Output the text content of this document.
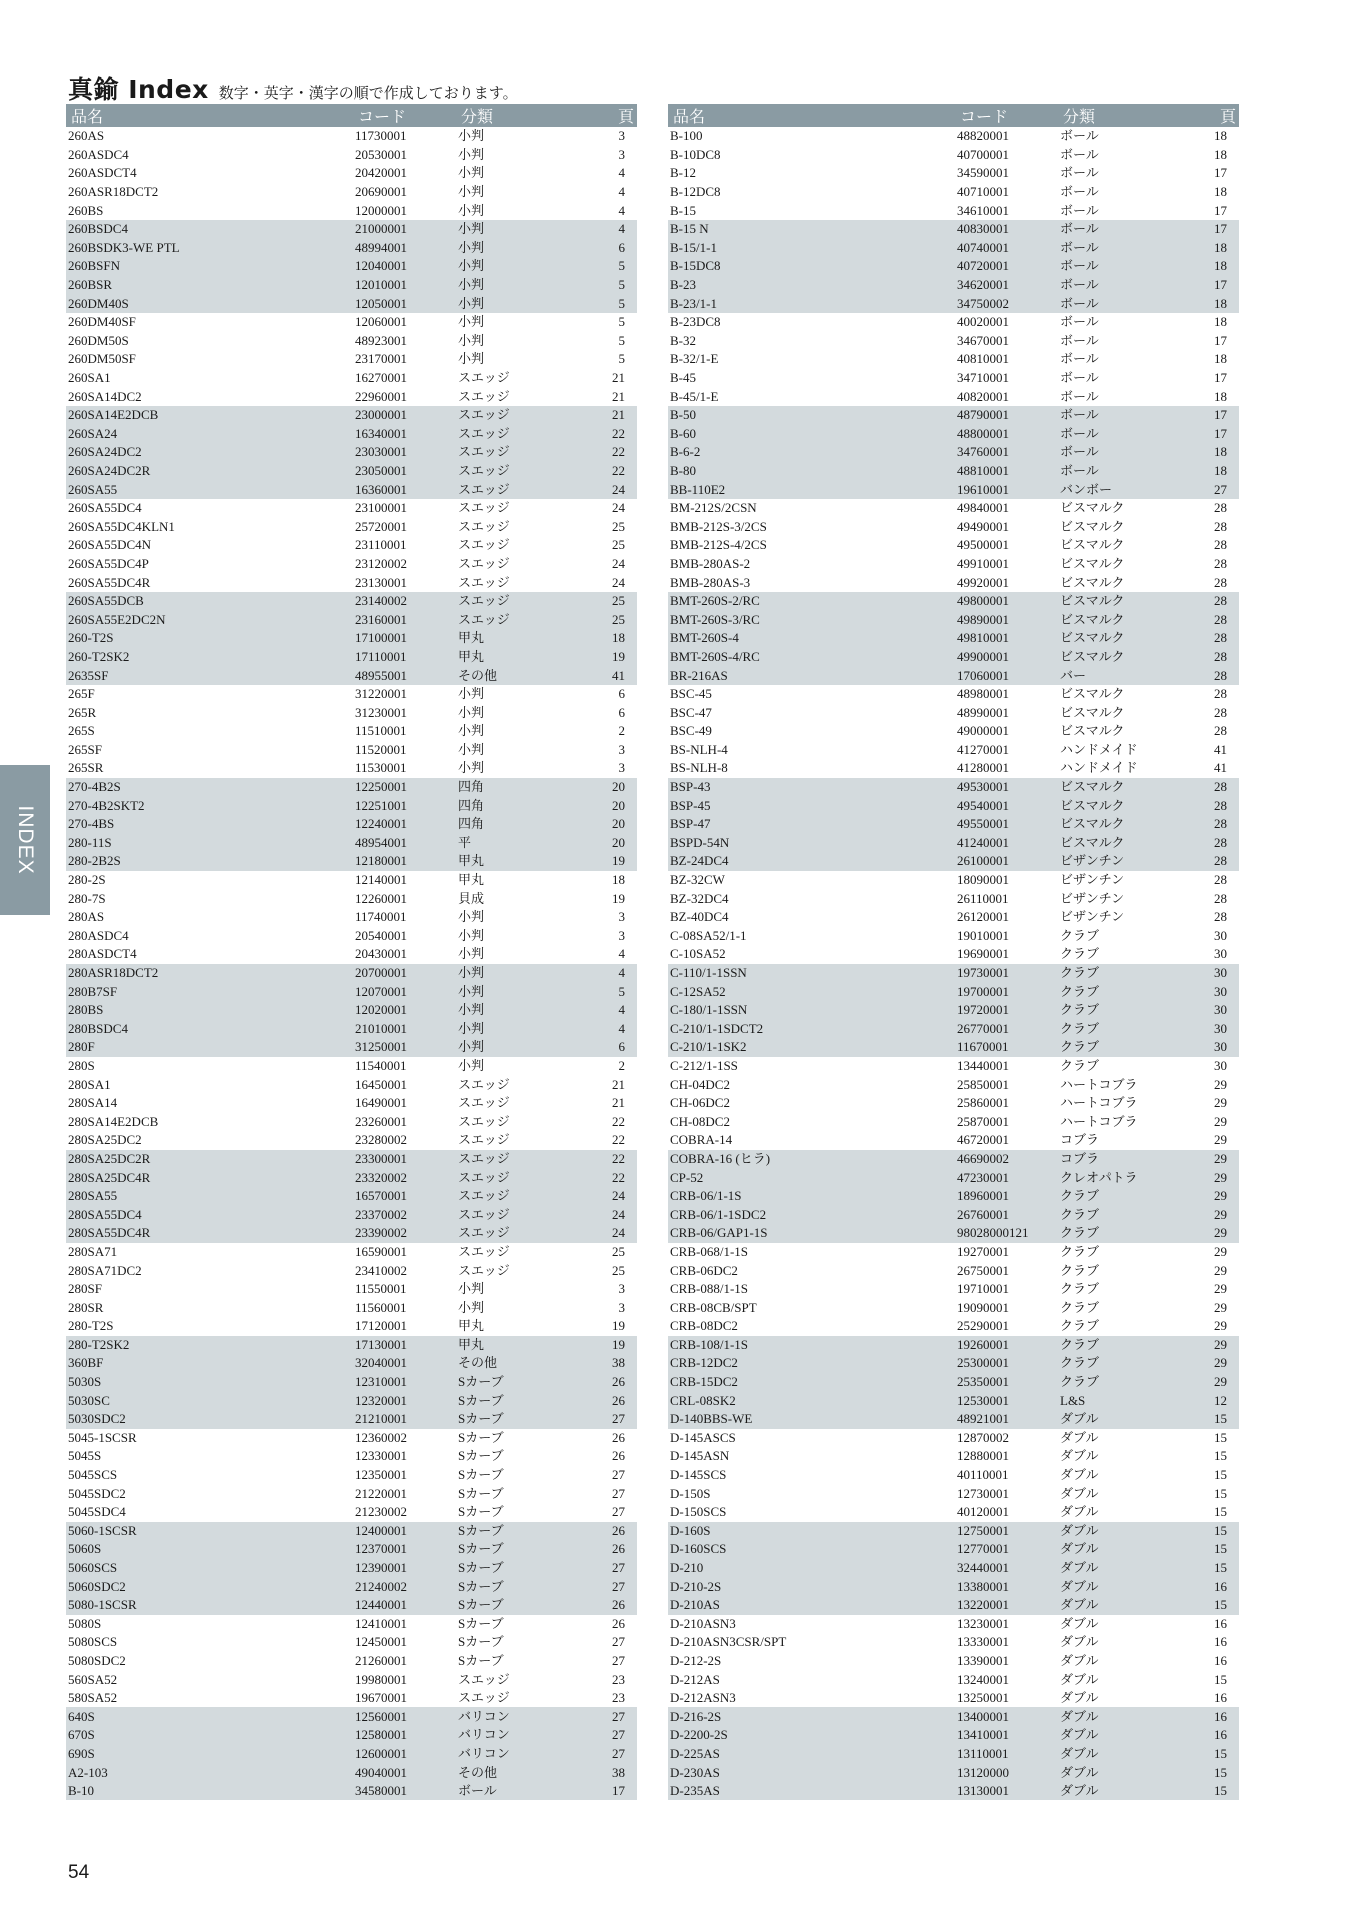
真鍮 Index 数字・英字・漢字の順で作成しております。
INDEX
品名	コード	分類	頁
260AS	11730001	小判	3
260ASDC4	20530001	小判	3
260ASDCT4	20420001	小判	4
260ASR18DCT2	20690001	小判	4
260BS	12000001	小判	4
260BSDC4	21000001	小判	4
260BSDK3-WE PTL	48994001	小判	6
260BSFN	12040001	小判	5
260BSR	12010001	小判	5
260DM40S	12050001	小判	5
260DM40SF	12060001	小判	5
260DM50S	48923001	小判	5
260DM50SF	23170001	小判	5
260SA1	16270001	スエッジ	21
260SA14DC2	22960001	スエッジ	21
260SA14E2DCB	23000001	スエッジ	21
260SA24	16340001	スエッジ	22
260SA24DC2	23030001	スエッジ	22
260SA24DC2R	23050001	スエッジ	22
260SA55	16360001	スエッジ	24
260SA55DC4	23100001	スエッジ	24
260SA55DC4KLN1	25720001	スエッジ	25
260SA55DC4N	23110001	スエッジ	25
260SA55DC4P	23120002	スエッジ	24
260SA55DC4R	23130001	スエッジ	24
260SA55DCB	23140002	スエッジ	25
260SA55E2DC2N	23160001	スエッジ	25
260-T2S	17100001	甲丸	18
260-T2SK2	17110001	甲丸	19
2635SF	48955001	その他	41
265F	31220001	小判	6
265R	31230001	小判	6
265S	11510001	小判	2
265SF	11520001	小判	3
265SR	11530001	小判	3
270-4B2S	12250001	四角	20
270-4B2SKT2	12251001	四角	20
270-4BS	12240001	四角	20
280-11S	48954001	平	20
280-2B2S	12180001	甲丸	19
280-2S	12140001	甲丸	18
280-7S	12260001	貝成	19
280AS	11740001	小判	3
280ASDC4	20540001	小判	3
280ASDCT4	20430001	小判	4
280ASR18DCT2	20700001	小判	4
280B7SF	12070001	小判	5
280BS	12020001	小判	4
280BSDC4	21010001	小判	4
280F	31250001	小判	6
280S	11540001	小判	2
280SA1	16450001	スエッジ	21
280SA14	16490001	スエッジ	21
280SA14E2DCB	23260001	スエッジ	22
280SA25DC2	23280002	スエッジ	22
280SA25DC2R	23300001	スエッジ	22
280SA25DC4R	23320002	スエッジ	22
280SA55	16570001	スエッジ	24
280SA55DC4	23370002	スエッジ	24
280SA55DC4R	23390002	スエッジ	24
280SA71	16590001	スエッジ	25
280SA71DC2	23410002	スエッジ	25
280SF	11550001	小判	3
280SR	11560001	小判	3
280-T2S	17120001	甲丸	19
280-T2SK2	17130001	甲丸	19
360BF	32040001	その他	38
5030S	12310001	Sカーブ	26
5030SC	12320001	Sカーブ	26
5030SDC2	21210001	Sカーブ	27
5045-1SCSR	12360002	Sカーブ	26
5045S	12330001	Sカーブ	26
5045SCS	12350001	Sカーブ	27
5045SDC2	21220001	Sカーブ	27
5045SDC4	21230002	Sカーブ	27
5060-1SCSR	12400001	Sカーブ	26
5060S	12370001	Sカーブ	26
5060SCS	12390001	Sカーブ	27
5060SDC2	21240002	Sカーブ	27
5080-1SCSR	12440001	Sカーブ	26
5080S	12410001	Sカーブ	26
5080SCS	12450001	Sカーブ	27
5080SDC2	21260001	Sカーブ	27
560SA52	19980001	スエッジ	23
580SA52	19670001	スエッジ	23
640S	12560001	バリコン	27
670S	12580001	バリコン	27
690S	12600001	バリコン	27
A2-103	49040001	その他	38
B-10	34580001	ボール	17
品名	コード	分類	頁
B-100	48820001	ボール	18
B-10DC8	40700001	ボール	18
B-12	34590001	ボール	17
B-12DC8	40710001	ボール	18
B-15	34610001	ボール	17
B-15 N	40830001	ボール	17
B-15/1-1	40740001	ボール	18
B-15DC8	40720001	ボール	18
B-23	34620001	ボール	17
B-23/1-1	34750002	ボール	18
B-23DC8	40020001	ボール	18
B-32	34670001	ボール	17
B-32/1-E	40810001	ボール	18
B-45	34710001	ボール	17
B-45/1-E	40820001	ボール	18
B-50	48790001	ボール	17
B-60	48800001	ボール	17
B-6-2	34760001	ボール	18
B-80	48810001	ボール	18
BB-110E2	19610001	バンボー	27
BM-212S/2CSN	49840001	ビスマルク	28
BMB-212S-3/2CS	49490001	ビスマルク	28
BMB-212S-4/2CS	49500001	ビスマルク	28
BMB-280AS-2	49910001	ビスマルク	28
BMB-280AS-3	49920001	ビスマルク	28
BMT-260S-2/RC	49800001	ビスマルク	28
BMT-260S-3/RC	49890001	ビスマルク	28
BMT-260S-4	49810001	ビスマルク	28
BMT-260S-4/RC	49900001	ビスマルク	28
BR-216AS	17060001	バー	28
BSC-45	48980001	ビスマルク	28
BSC-47	48990001	ビスマルク	28
BSC-49	49000001	ビスマルク	28
BS-NLH-4	41270001	ハンドメイド	41
BS-NLH-8	41280001	ハンドメイド	41
BSP-43	49530001	ビスマルク	28
BSP-45	49540001	ビスマルク	28
BSP-47	49550001	ビスマルク	28
BSPD-54N	41240001	ビスマルク	28
BZ-24DC4	26100001	ビザンチン	28
BZ-32CW	18090001	ビザンチン	28
BZ-32DC4	26110001	ビザンチン	28
BZ-40DC4	26120001	ビザンチン	28
C-08SA52/1-1	19010001	クラブ	30
C-10SA52	19690001	クラブ	30
C-110/1-1SSN	19730001	クラブ	30
C-12SA52	19700001	クラブ	30
C-180/1-1SSN	19720001	クラブ	30
C-210/1-1SDCT2	26770001	クラブ	30
C-210/1-1SK2	11670001	クラブ	30
C-212/1-1SS	13440001	クラブ	30
CH-04DC2	25850001	ハートコブラ	29
CH-06DC2	25860001	ハートコブラ	29
CH-08DC2	25870001	ハートコブラ	29
COBRA-14	46720001	コブラ	29
COBRA-16 (ヒラ)	46690002	コブラ	29
CP-52	47230001	クレオパトラ	29
CRB-06/1-1S	18960001	クラブ	29
CRB-06/1-1SDC2	26760001	クラブ	29
CRB-06/GAP1-1S	98028000121	クラブ	29
CRB-068/1-1S	19270001	クラブ	29
CRB-06DC2	26750001	クラブ	29
CRB-088/1-1S	19710001	クラブ	29
CRB-08CB/SPT	19090001	クラブ	29
CRB-08DC2	25290001	クラブ	29
CRB-108/1-1S	19260001	クラブ	29
CRB-12DC2	25300001	クラブ	29
CRB-15DC2	25350001	クラブ	29
CRL-08SK2	12530001	L&S	12
D-140BBS-WE	48921001	ダブル	15
D-145ASCS	12870002	ダブル	15
D-145ASN	12880001	ダブル	15
D-145SCS	40110001	ダブル	15
D-150S	12730001	ダブル	15
D-150SCS	40120001	ダブル	15
D-160S	12750001	ダブル	15
D-160SCS	12770001	ダブル	15
D-210	32440001	ダブル	15
D-210-2S	13380001	ダブル	16
D-210AS	13220001	ダブル	15
D-210ASN3	13230001	ダブル	16
D-210ASN3CSR/SPT	13330001	ダブル	16
D-212-2S	13390001	ダブル	16
D-212AS	13240001	ダブル	15
D-212ASN3	13250001	ダブル	16
D-216-2S	13400001	ダブル	16
D-2200-2S	13410001	ダブル	16
D-225AS	13110001	ダブル	15
D-230AS	13120000	ダブル	15
D-235AS	13130001	ダブル	15
54
